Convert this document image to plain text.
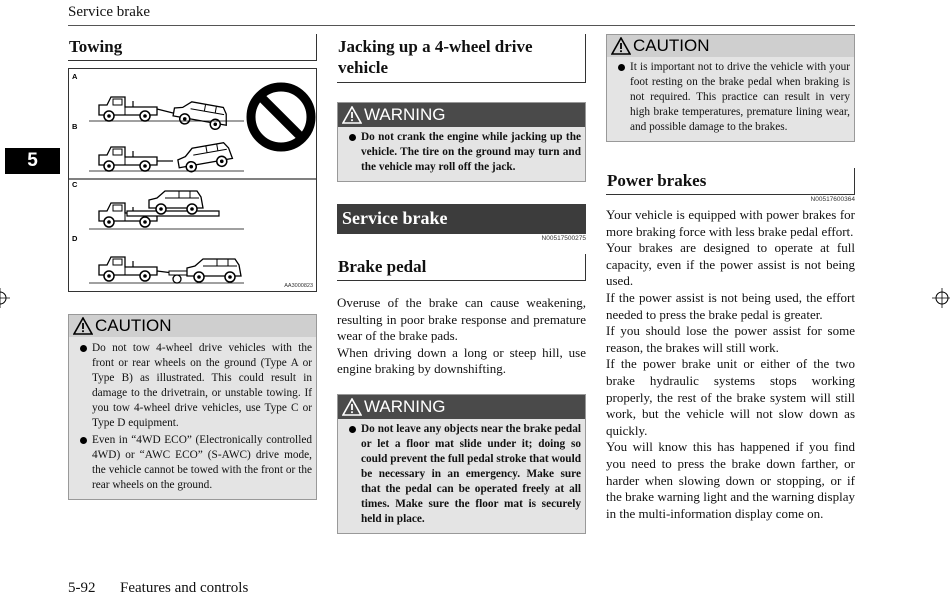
Service brake
5
Towing
A
B
C
D
AA3000823
CAUTION
Do not tow 4-wheel drive vehicles with the front or rear wheels on the ground (Type A or Type B) as illustrated. This could result in damage to the drivetrain, or unstable towing. If you tow 4-wheel drive vehicles, use Type C or Type D equipment.
Even in “4WD ECO” (Electronically controlled 4WD) or “AWC ECO” (S-AWC) drive mode, the vehicle cannot be towed with the front or the rear wheels on the ground.
Jacking up a 4-wheel drive vehicle
WARNING
Do not crank the engine while jacking up the vehicle. The tire on the ground may turn and the vehicle may roll off the jack.
Service brake
N00517500275
Brake pedal

Overuse of the brake can cause weakening, resulting in poor brake response and premature wear of the brake pads.

When driving down a long or steep hill, use engine braking by downshifting.

WARNING
Do not leave any objects near the brake pedal or let a floor mat slide under it; doing so could prevent the full pedal stroke that would be necessary in an emergency. Make sure that the pedal can be operated freely at all times. Make sure the floor mat is securely held in place.
CAUTION
It is important not to drive the vehicle with your foot resting on the brake pedal when braking is not required. This practice can result in very high brake temperatures, premature lining wear, and possible damage to the brakes.
Power brakes
N00517600364

Your vehicle is equipped with power brakes for more braking force with less brake pedal effort.

Your brakes are designed to operate at full capacity, even if the power assist is not being used.

If the power assist is not being used, the effort needed to press the brake pedal is greater.

If you should lose the power assist for some reason, the brakes will still work.

If the power brake unit or either of the two brake hydraulic systems stops working properly, the rest of the brake system will still work, but the vehicle will not slow down as quickly.

You will know this has happened if you find you need to press the brake down farther, or harder when slowing down or stopping, or if the brake warning light and the warning display in the multi-information display come on.

5-92 Features and controls
